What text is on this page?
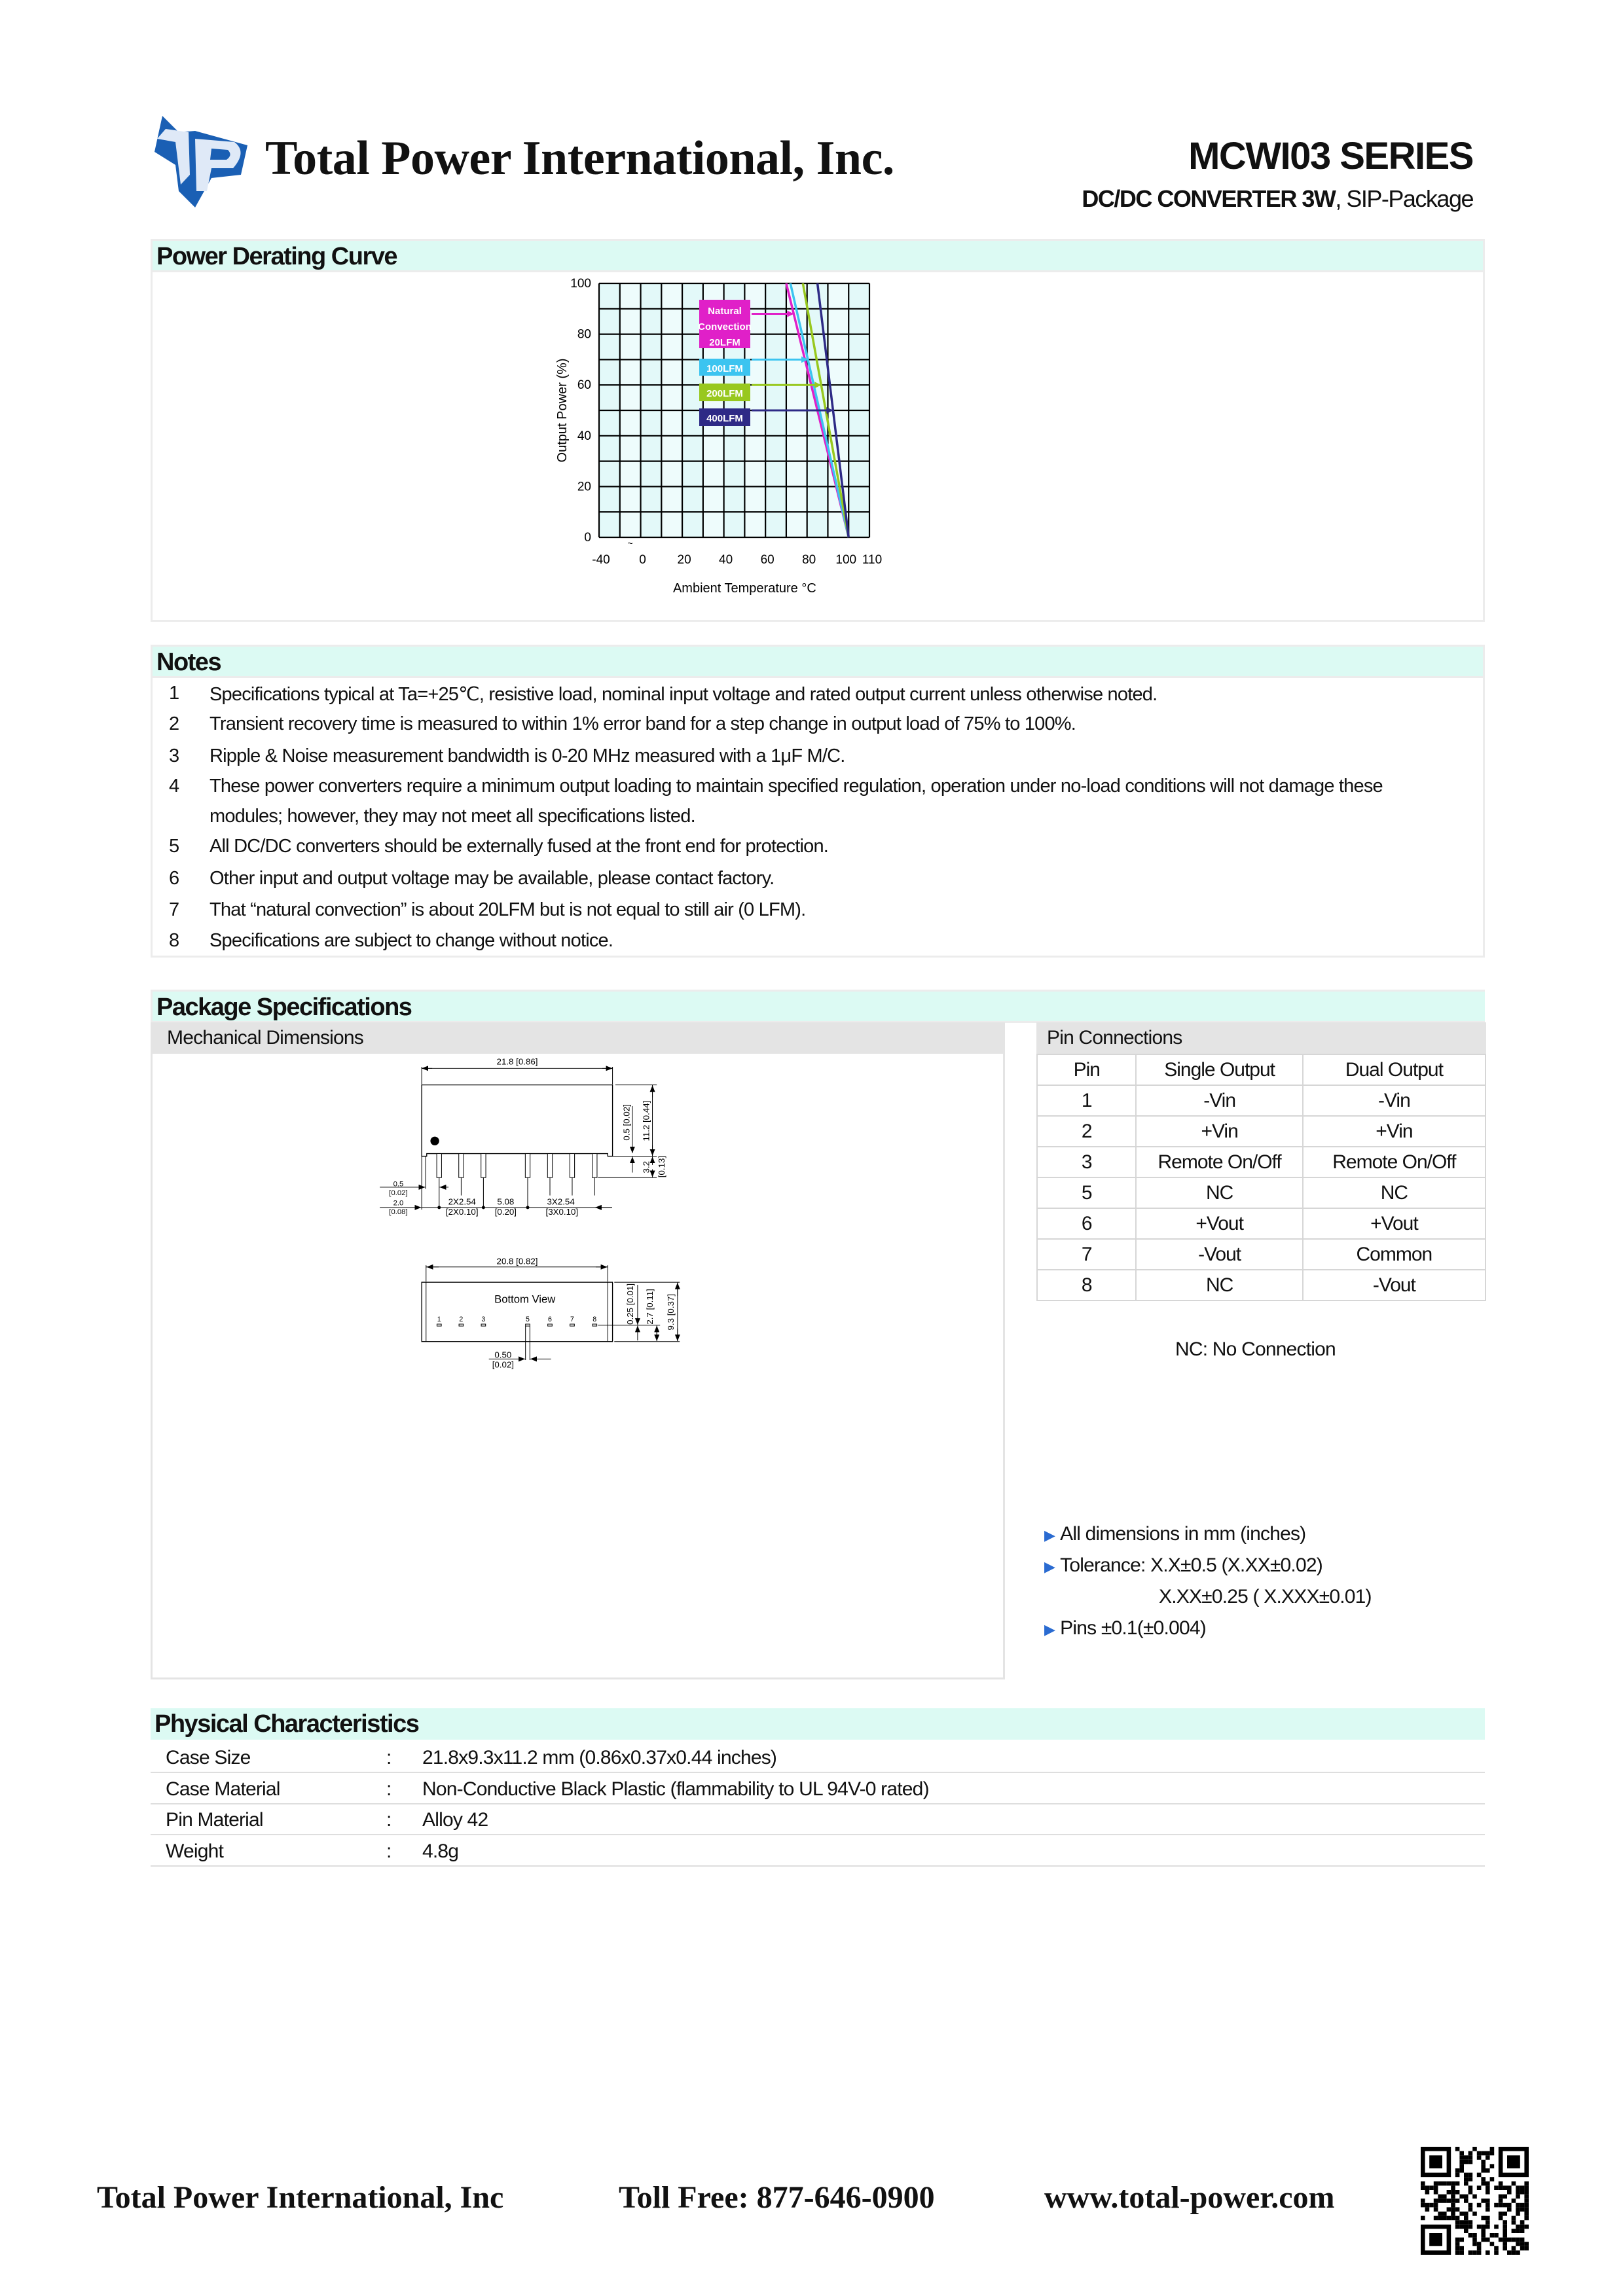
Total Power International, Inc.	MCWI03 SERIES
DC/DC CONVERTER 3W, SIP-Package
Power Derating Curve
~
-40 0	20 40 60 80 100 110
0
20
40
60
80
100
Ambient Temperature °C
Output Power (%)
Natural
Convection
20LFM
100LFM
200LFM
400LFM
Notes
1	Specifications typical at Ta=+25℃, resistive load, nominal input voltage and rated output current unless otherwise noted.
2	Transient recovery time is measured to within 1% error band for a step change in output load of 75% to 100%.
3	Ripple & Noise measurement bandwidth is 0-20 MHz measured with a 1μF M/C.
4	These power converters require a minimum output loading to maintain specified regulation, operation under no-load conditions will not damage these
modules; however, they may not meet all specifications listed.
5	All DC/DC converters should be externally fused at the front end for protection.
6	Other input and output voltage may be available, please contact factory.
7	That “natural convection” is about 20LFM but is not equal to still air (0 LFM).
8	Specifications are subject to change without notice.
Package Specifications
Mechanical Dimensions
21.8 [0.86]
0.5 [0.02] 11.2 [0.44]
3.2 [0.13]
0.5
[0.02]
2.0
[0.08]
2X2.54
[2X0.10]
5.08
[0.20]
3X2.54
[3X0.10]
20.8 [0.82]
Bottom View	0.25 [0.01] 2.7 [0.11] 9.3 [0.37]
0.50
[0.02]
1 2 3 5 6 7 8
Pin Connections
Pin	Single Output	Dual Output
1	-Vin	-Vin
2	+Vin	+Vin
3	Remote On/Off	Remote On/Off
5	NC	NC
6	+Vout	+Vout
7	-Vout	Common
8	NC	-Vout
NC: No Connection
▶ All dimensions in mm (inches)
▶ Tolerance: X.X±0.5 (X.XX±0.02)
X.XX±0.25 ( X.XXX±0.01)
▶ Pins ±0.1(±0.004)
Physical Characteristics
Case Size	: 21.8x9.3x11.2 mm (0.86x0.37x0.44 inches)
Case Material	: Non-Conductive Black Plastic (flammability to UL 94V-0 rated)
Pin Material	: Alloy 42
Weight	: 4.8g
Total Power International, Inc	Toll Free: 877-646-0900	www.total-power.com
